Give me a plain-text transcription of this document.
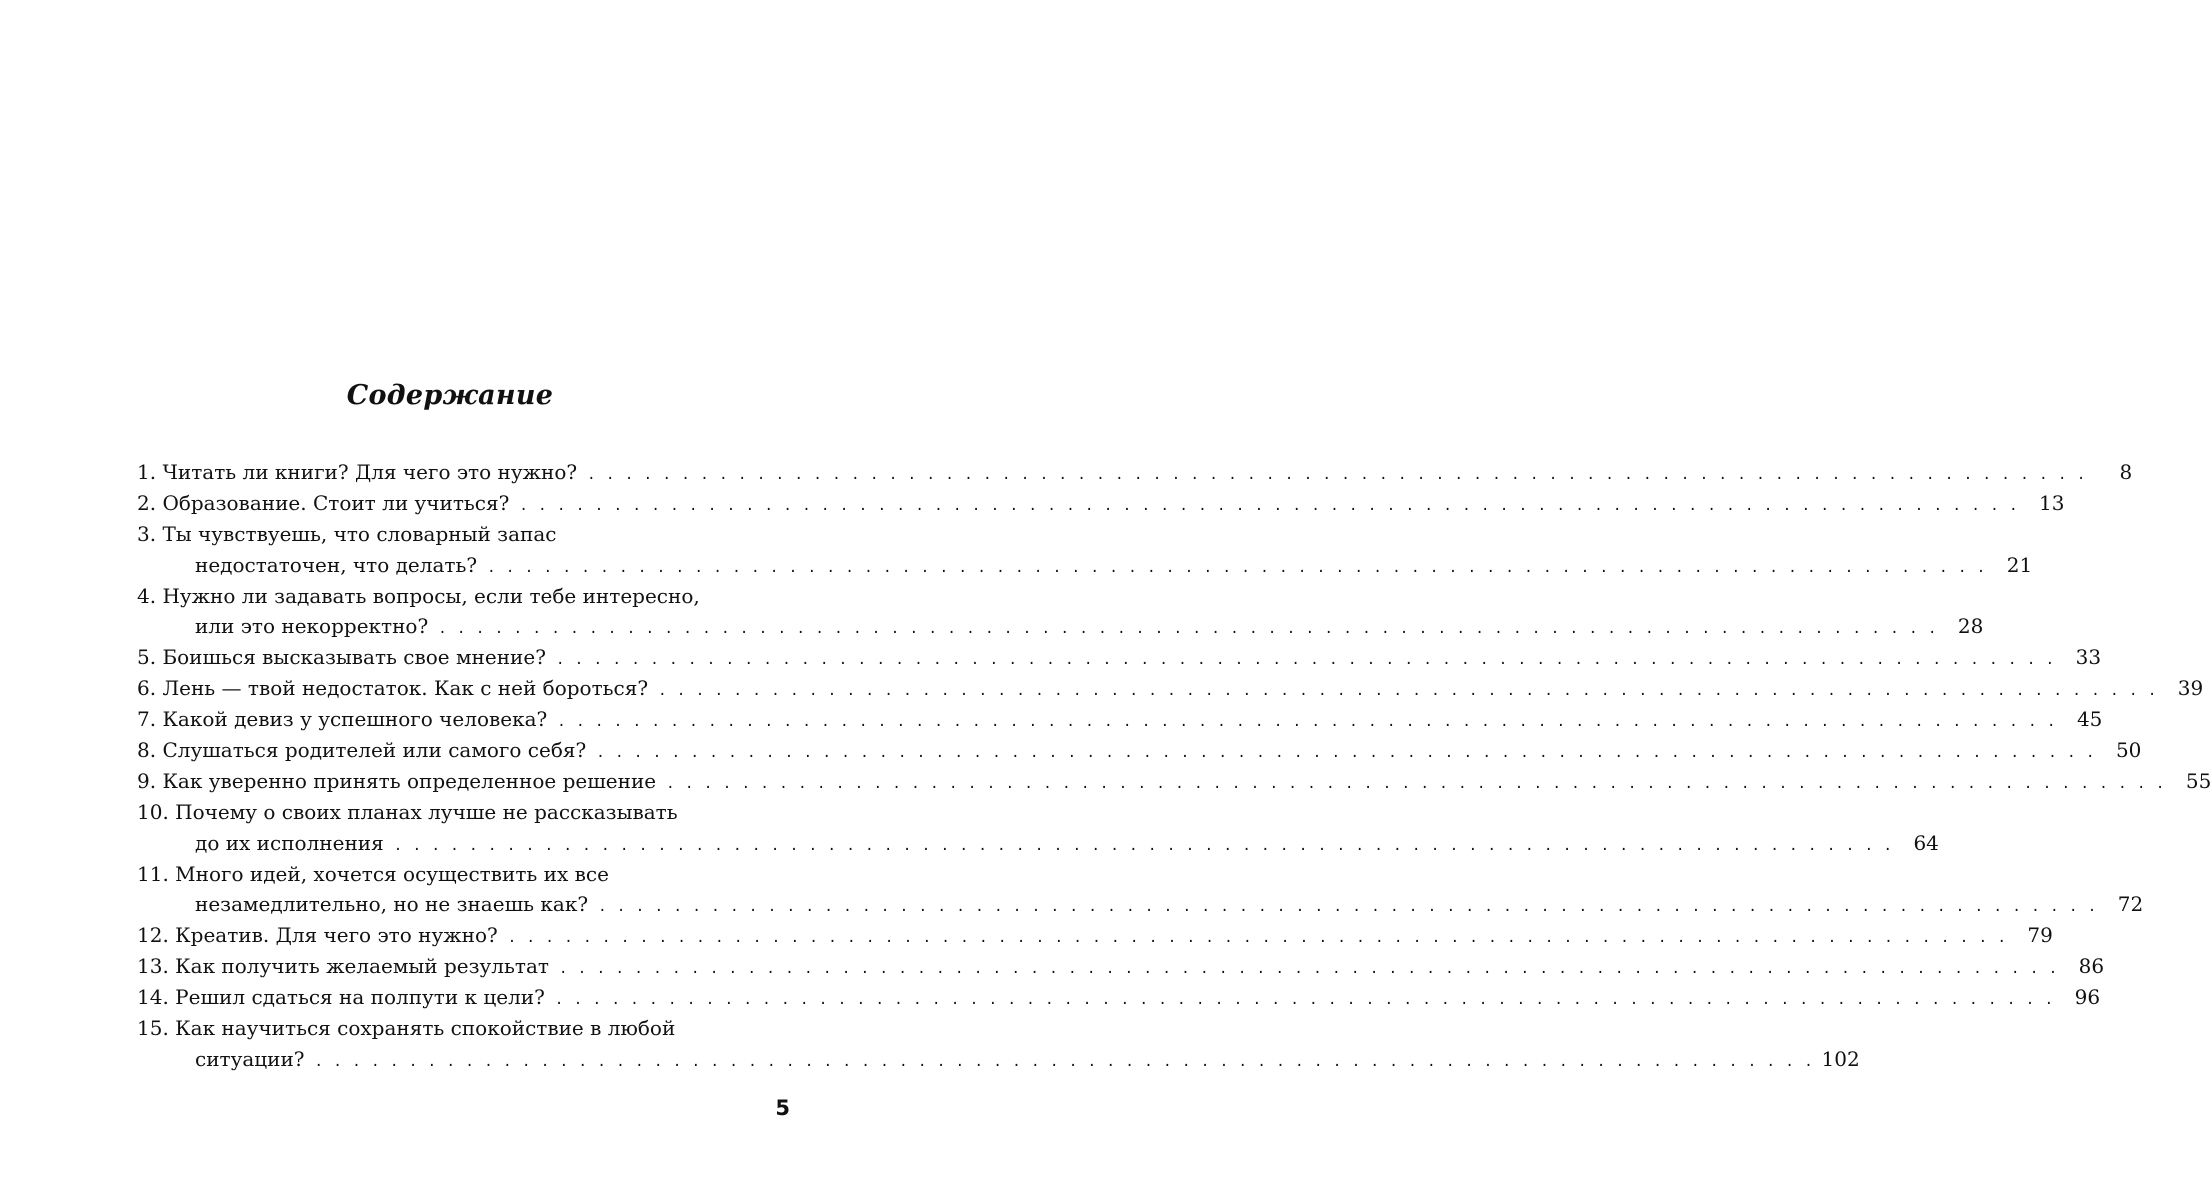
Содержание
1. Читать ли книги? Для чего это нужно? . . . . . . . . . . . . . . . . . . . . . . . . . . . . . . . . . . . . . . . . . . . . . . . . . . . . . . . . . . . . . . . . . . . . . . . . . . . . . . . .	8
2. Образование. Стоит ли учиться? . . . . . . . . . . . . . . . . . . . . . . . . . . . . . . . . . . . . . . . . . . . . . . . . . . . . . . . . . . . . . . . . . . . . . . . . . . . . . . . .	13
3. Ты чувствуешь, что словарный запас
недостаточен, что делать? . . . . . . . . . . . . . . . . . . . . . . . . . . . . . . . . . . . . . . . . . . . . . . . . . . . . . . . . . . . . . . . . . . . . . . . . . . . . . . . .	21
4. Нужно ли задавать вопросы, если тебе интересно,
или это некорректно? . . . . . . . . . . . . . . . . . . . . . . . . . . . . . . . . . . . . . . . . . . . . . . . . . . . . . . . . . . . . . . . . . . . . . . . . . . . . . . . .	28
5. Боишься высказывать свое мнение? . . . . . . . . . . . . . . . . . . . . . . . . . . . . . . . . . . . . . . . . . . . . . . . . . . . . . . . . . . . . . . . . . . . . . . . . . . . . . . . .	33
6. Лень — твой недостаток. Как с ней бороться? . . . . . . . . . . . . . . . . . . . . . . . . . . . . . . . . . . . . . . . . . . . . . . . . . . . . . . . . . . . . . . . . . . . . . . . . . . . . . . . .	39
7. Какой девиз у успешного человека? . . . . . . . . . . . . . . . . . . . . . . . . . . . . . . . . . . . . . . . . . . . . . . . . . . . . . . . . . . . . . . . . . . . . . . . . . . . . . . . .	45
8. Слушаться родителей или самого себя? . . . . . . . . . . . . . . . . . . . . . . . . . . . . . . . . . . . . . . . . . . . . . . . . . . . . . . . . . . . . . . . . . . . . . . . . . . . . . . . .	50
9. Как уверенно принять определенное решение . . . . . . . . . . . . . . . . . . . . . . . . . . . . . . . . . . . . . . . . . . . . . . . . . . . . . . . . . . . . . . . . . . . . . . . . . . . . . . . .	55
10. Почему о своих планах лучше не рассказывать
до их исполнения . . . . . . . . . . . . . . . . . . . . . . . . . . . . . . . . . . . . . . . . . . . . . . . . . . . . . . . . . . . . . . . . . . . . . . . . . . . . . . . .	64
11. Много идей, хочется осуществить их все
незамедлительно, но не знаешь как? . . . . . . . . . . . . . . . . . . . . . . . . . . . . . . . . . . . . . . . . . . . . . . . . . . . . . . . . . . . . . . . . . . . . . . . . . . . . . . . .	72
12. Креатив. Для чего это нужно? . . . . . . . . . . . . . . . . . . . . . . . . . . . . . . . . . . . . . . . . . . . . . . . . . . . . . . . . . . . . . . . . . . . . . . . . . . . . . . . .	79
13. Как получить желаемый результат . . . . . . . . . . . . . . . . . . . . . . . . . . . . . . . . . . . . . . . . . . . . . . . . . . . . . . . . . . . . . . . . . . . . . . . . . . . . . . . .	86
14. Решил сдаться на полпути к цели? . . . . . . . . . . . . . . . . . . . . . . . . . . . . . . . . . . . . . . . . . . . . . . . . . . . . . . . . . . . . . . . . . . . . . . . . . . . . . . . .	96
15. Как научиться сохранять спокойствие в любой
ситуации? . . . . . . . . . . . . . . . . . . . . . . . . . . . . . . . . . . . . . . . . . . . . . . . . . . . . . . . . . . . . . . . . . . . . . . . . . . . . . . . . 102
5
